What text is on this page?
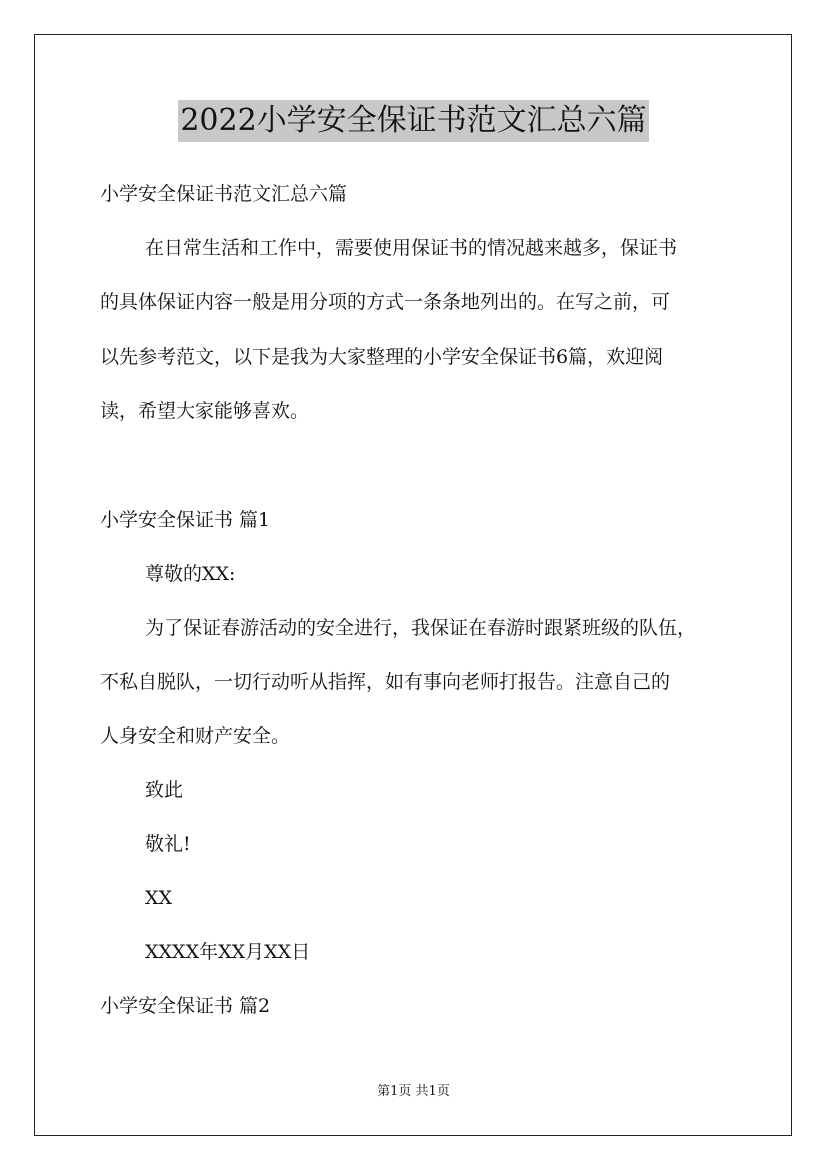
2022小学安全保证书范文汇总六篇
小学安全保证书范文汇总六篇
在日常生活和工作中，需要使用保证书的情况越来越多，保证书
的具体保证内容一般是用分项的方式一条条地列出的。在写之前，可
以先参考范文，以下是我为大家整理的小学安全保证书6篇，欢迎阅
读，希望大家能够喜欢。
小学安全保证书 篇1
尊敬的XX:
为了保证春游活动的安全进行，我保证在春游时跟紧班级的队伍，
不私自脱队，一切行动听从指挥，如有事向老师打报告。注意自己的
人身安全和财产安全。
致此
敬礼!
XX
XXXX年XX月XX日
小学安全保证书 篇2
第1页 共1页
